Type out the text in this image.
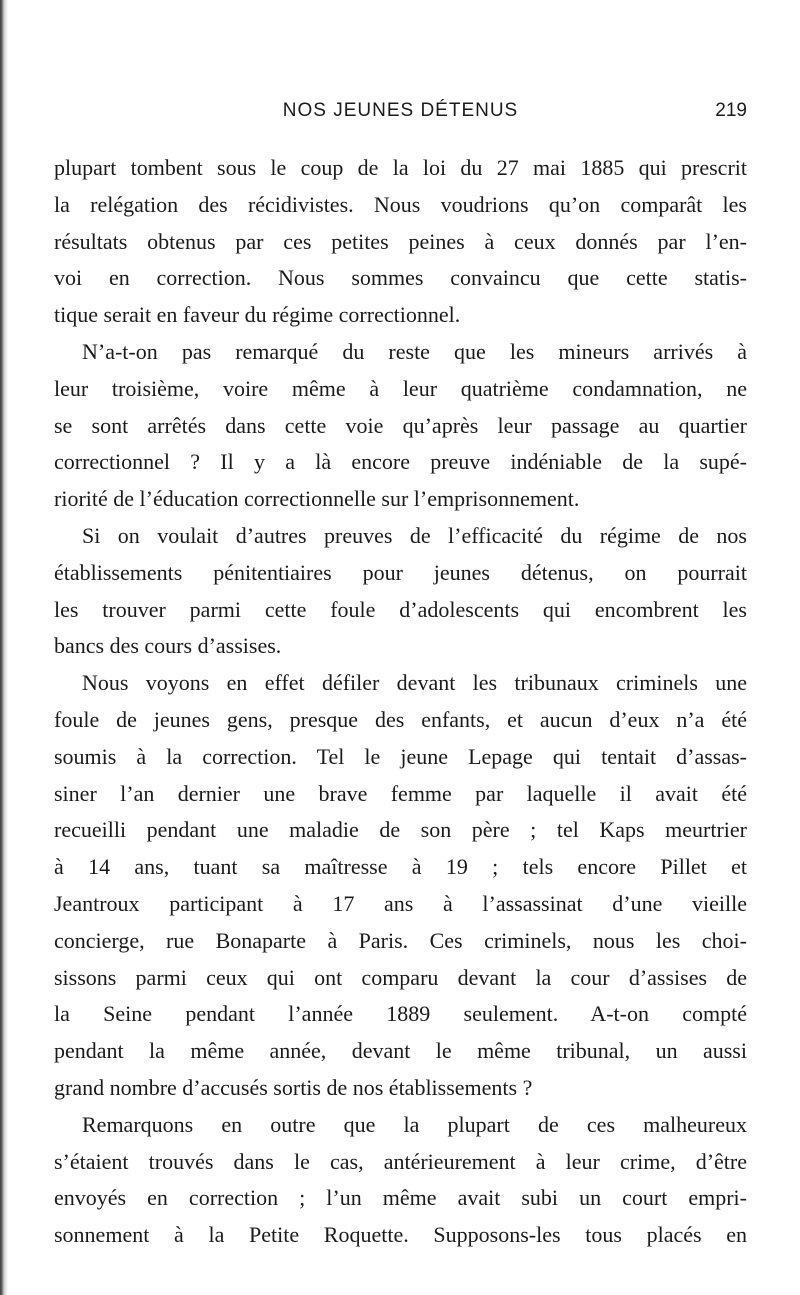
NOS JEUNES DÉTENUS	219
plupart tombent sous le coup de la loi du 27 mai 1885 qui prescrit
la relégation des récidivistes. Nous voudrions qu’on comparât les
résultats obtenus par ces petites peines à ceux donnés par l’en-
voi en correction. Nous sommes convaincu que cette statis-
tique serait en faveur du régime correctionnel.
N’a-t-on pas remarqué du reste que les mineurs arrivés à
leur troisième, voire même à leur quatrième condamnation, ne
se sont arrêtés dans cette voie qu’après leur passage au quartier
correctionnel ? Il y a là encore preuve indéniable de la supé-
riorité de l’éducation correctionnelle sur l’emprisonnement.
Si on voulait d’autres preuves de l’efficacité du régime de nos
établissements pénitentiaires pour jeunes détenus, on pourrait
les trouver parmi cette foule d’adolescents qui encombrent les
bancs des cours d’assises.
Nous voyons en effet défiler devant les tribunaux criminels une
foule de jeunes gens, presque des enfants, et aucun d’eux n’a été
soumis à la correction. Tel le jeune Lepage qui tentait d’assas-
siner l’an dernier une brave femme par laquelle il avait été
recueilli pendant une maladie de son père ; tel Kaps meurtrier
à 14 ans, tuant sa maîtresse à 19 ; tels encore Pillet et
Jeantroux participant à 17 ans à l’assassinat d’une vieille
concierge, rue Bonaparte à Paris. Ces criminels, nous les choi-
sissons parmi ceux qui ont comparu devant la cour d’assises de
la Seine pendant l’année 1889 seulement. A-t-on compté
pendant la même année, devant le même tribunal, un aussi
grand nombre d’accusés sortis de nos établissements ?
Remarquons en outre que la plupart de ces malheureux
s’étaient trouvés dans le cas, antérieurement à leur crime, d’être
envoyés en correction ; l’un même avait subi un court empri-
sonnement à la Petite Roquette. Supposons-les tous placés en
